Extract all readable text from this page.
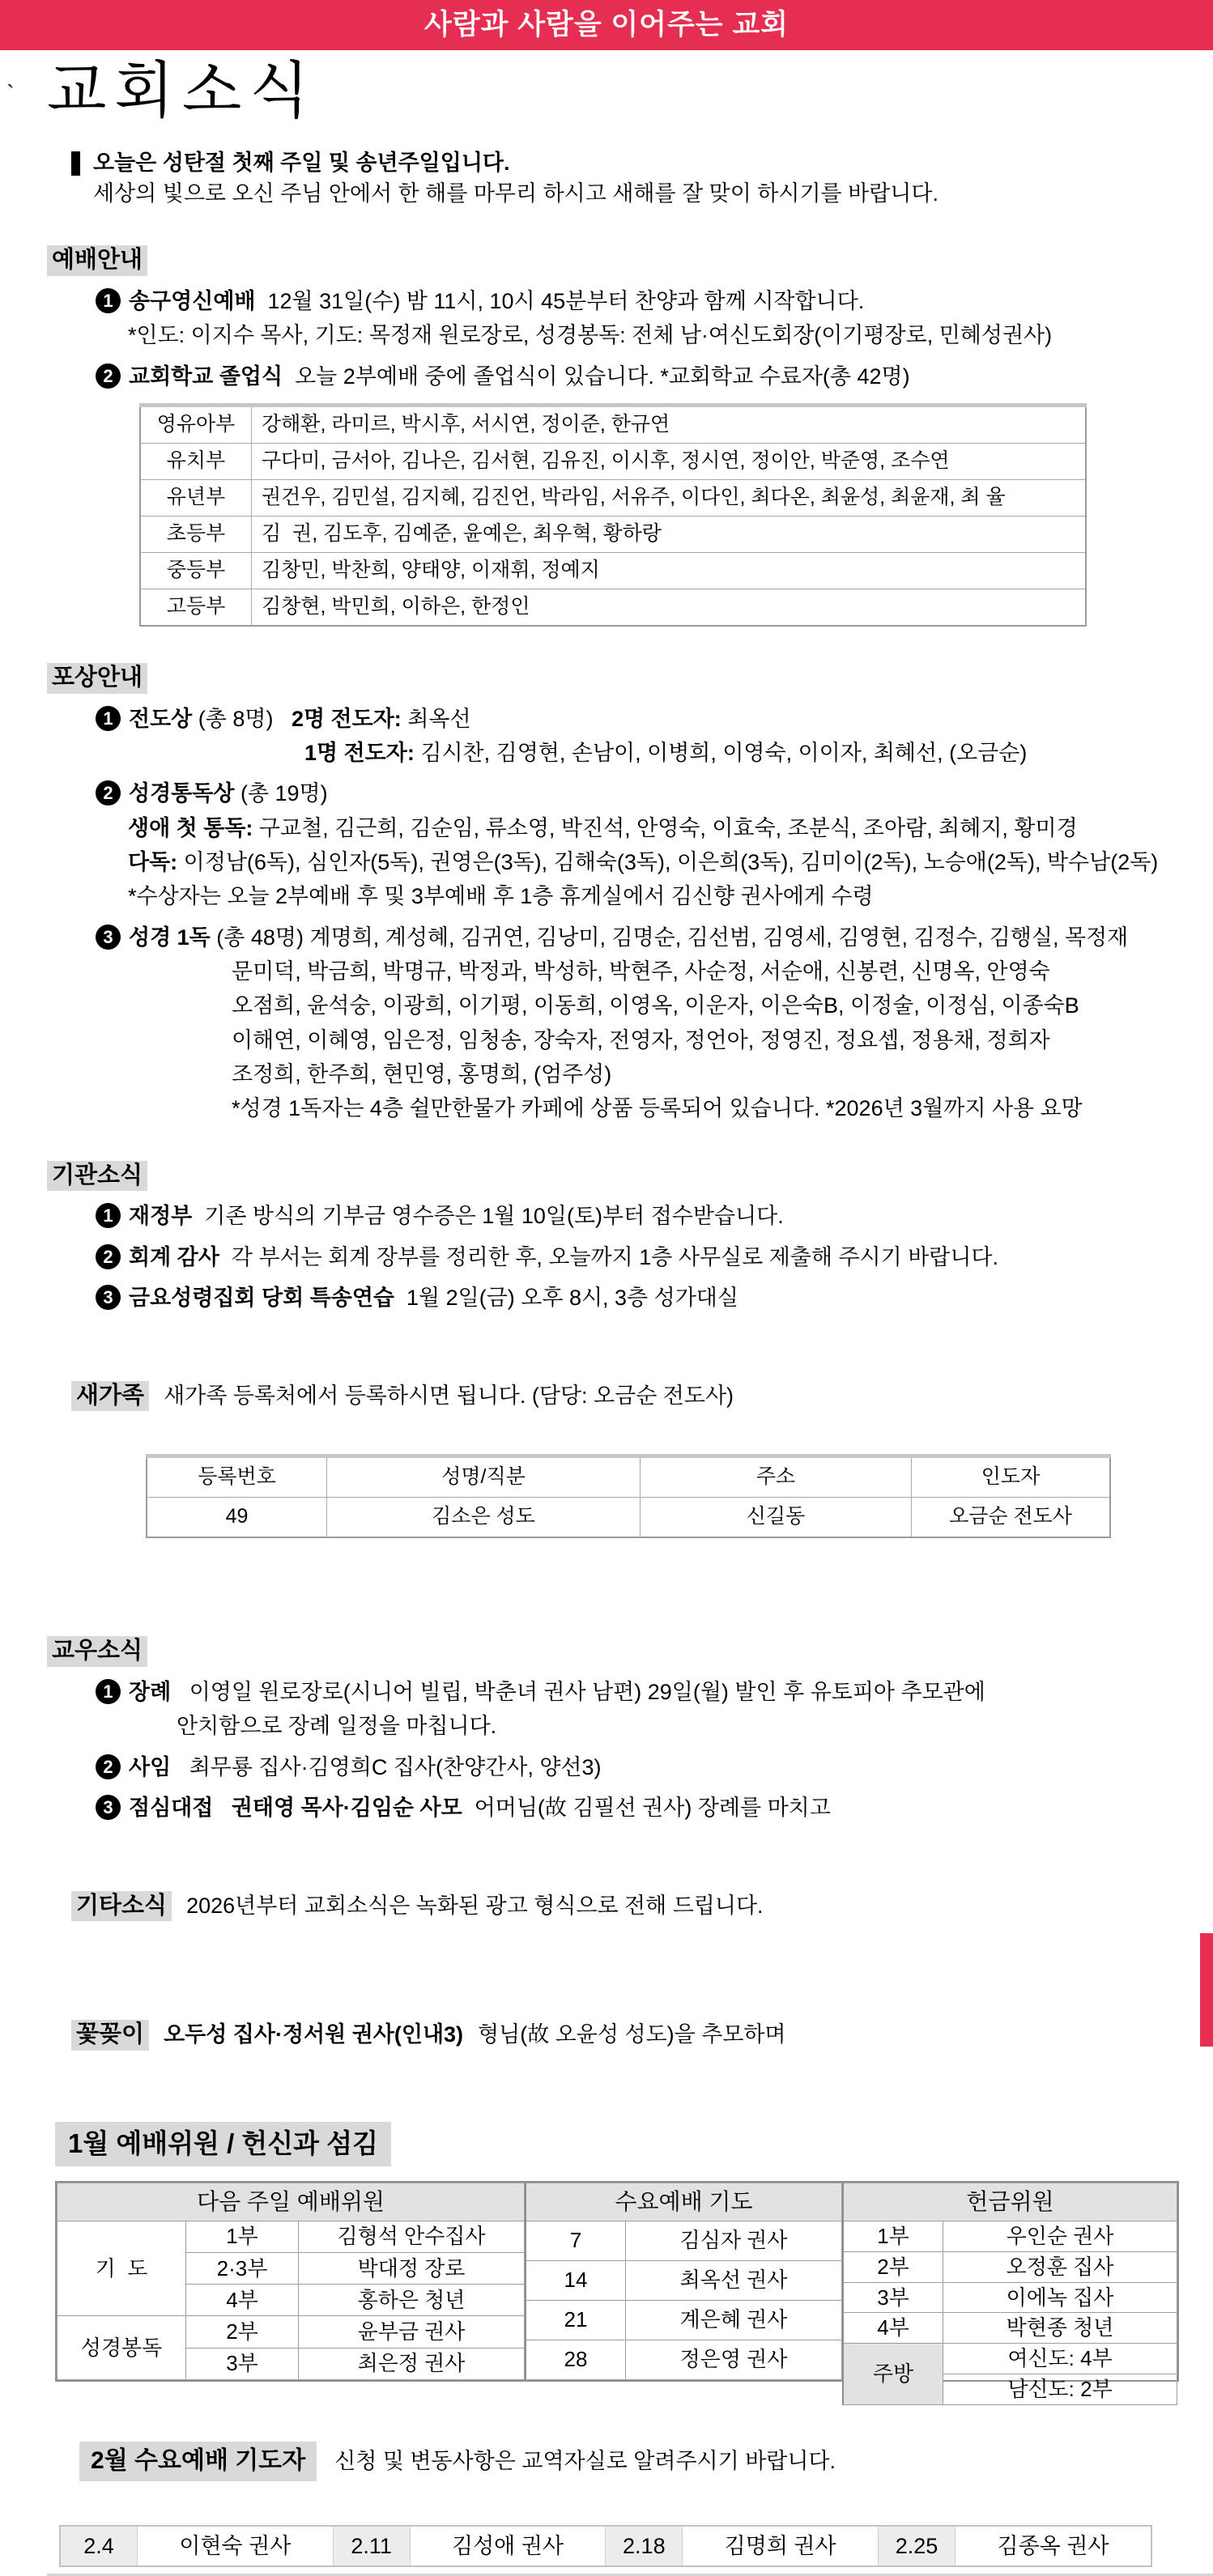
사람과 사람을 이어주는 교회
` 교회소식
오늘은 성탄절 첫째 주일 및 송년주일입니다.
세상의 빛으로 오신 주님 안에서 한 해를 마무리 하시고 새해를 잘 맞이 하시기를 바랍니다.
예배안내
1 송구영신예배 12월 31일(수) 밤 11시, 10시 45분부터 찬양과 함께 시작합니다.
*인도: 이지수 목사, 기도: 목정재 원로장로, 성경봉독: 전체 남·여신도회장(이기평장로, 민혜성권사)
2 교회학교 졸업식 오늘 2부예배 중에 졸업식이 있습니다. *교회학교 수료자(총 42명)
영유아부	강해환, 라미르, 박시후, 서시연, 정이준, 한규연
유치부	구다미, 금서아, 김나은, 김서현, 김유진, 이시후, 정시연, 정이안, 박준영, 조수연
유년부	권건우, 김민설, 김지혜, 김진언, 박라임, 서유주, 이다인, 최다온, 최윤성, 최윤재, 최 율
초등부	김  권, 김도후, 김예준, 윤예은, 최우혁, 황하랑
중등부	김창민, 박찬희, 양태양, 이재휘, 정예지
고등부	김창현, 박민희, 이하은, 한정인
포상안내
1 전도상 (총 8명) 2명 전도자: 최옥선
1명 전도자: 김시찬, 김영현, 손남이, 이병희, 이영숙, 이이자, 최혜선, (오금순)
2 성경통독상 (총 19명)
생애 첫 통독: 구교철, 김근희, 김순임, 류소영, 박진석, 안영숙, 이효숙, 조분식, 조아람, 최혜지, 황미경
다독: 이정남(6독), 심인자(5독), 권영은(3독), 김해숙(3독), 이은희(3독), 김미이(2독), 노승애(2독), 박수남(2독)
*수상자는 오늘 2부예배 후 및 3부예배 후 1층 휴게실에서 김신향 권사에게 수령
3 성경 1독 (총 48명) 계명희, 계성혜, 김귀연, 김낭미, 김명순, 김선범, 김영세, 김영현, 김정수, 김행실, 목정재
문미덕, 박금희, 박명규, 박정과, 박성하, 박현주, 사순정, 서순애, 신봉련, 신명옥, 안영숙
오점희, 윤석숭, 이광희, 이기평, 이동희, 이영옥, 이운자, 이은숙B, 이정술, 이정심, 이종숙B
이해연, 이혜영, 임은정, 임청송, 장숙자, 전영자, 정언아, 정영진, 정요셉, 정용채, 정희자
조정희, 한주희, 현민영, 홍명희, (엄주성)
*성경 1독자는 4층 쉴만한물가 카페에 상품 등록되어 있습니다. *2026년 3월까지 사용 요망
기관소식
1 재정부 기존 방식의 기부금 영수증은 1월 10일(토)부터 접수받습니다.
2 회계 감사 각 부서는 회계 장부를 정리한 후, 오늘까지 1층 사무실로 제출해 주시기 바랍니다.
3 금요성령집회 당회 특송연습 1월 2일(금) 오후 8시, 3층 성가대실

새가족 새가족 등록처에서 등록하시면 됩니다. (담당: 오금순 전도사)

등록번호	성명/직분	주소	인도자
49	김소은 성도	신길동	오금순 전도사

교우소식
1 장례 이영일 원로장로(시니어 빌립, 박춘녀 권사 남편) 29일(월) 발인 후 유토피아 추모관에
안치함으로 장례 일정을 마칩니다.
2 사임 최무룡 집사·김영희C 집사(찬양간사, 양선3)
3 점심대접 권태영 목사·김임순 사모 어머님(故 김필선 권사) 장례를 마치고

기타소식 2026년부터 교회소식은 녹화된 광고 형식으로 전해 드립니다.

꽃꽂이 오두성 집사·정서원 권사(인내3) 형님(故 오윤성 성도)을 추모하며

1월 예배위원 / 헌신과 섬김
다음 주일 예배위원		
기  도	1부	김형석 안수집사
	2·3부	박대정 장로
	4부	홍하은 청년
성경봉독	2부	윤부금 권사
	3부	최은정 권사
수요예배 기도	
7	김심자 권사
14	최옥선 권사
21	계은혜 권사
28	정은영 권사
헌금위원	
1부	우인순 권사
2부	오정훈 집사
3부	이에녹 집사
4부	박현종 청년
주방	여신도: 4부
	남신도: 2부

2월 수요예배 기도자 신청 및 변동사항은 교역자실로 알려주시기 바랍니다.

2.4	이현숙 권사	2.11	김성애 권사	2.18	김명희 권사	2.25	김종옥 권사
